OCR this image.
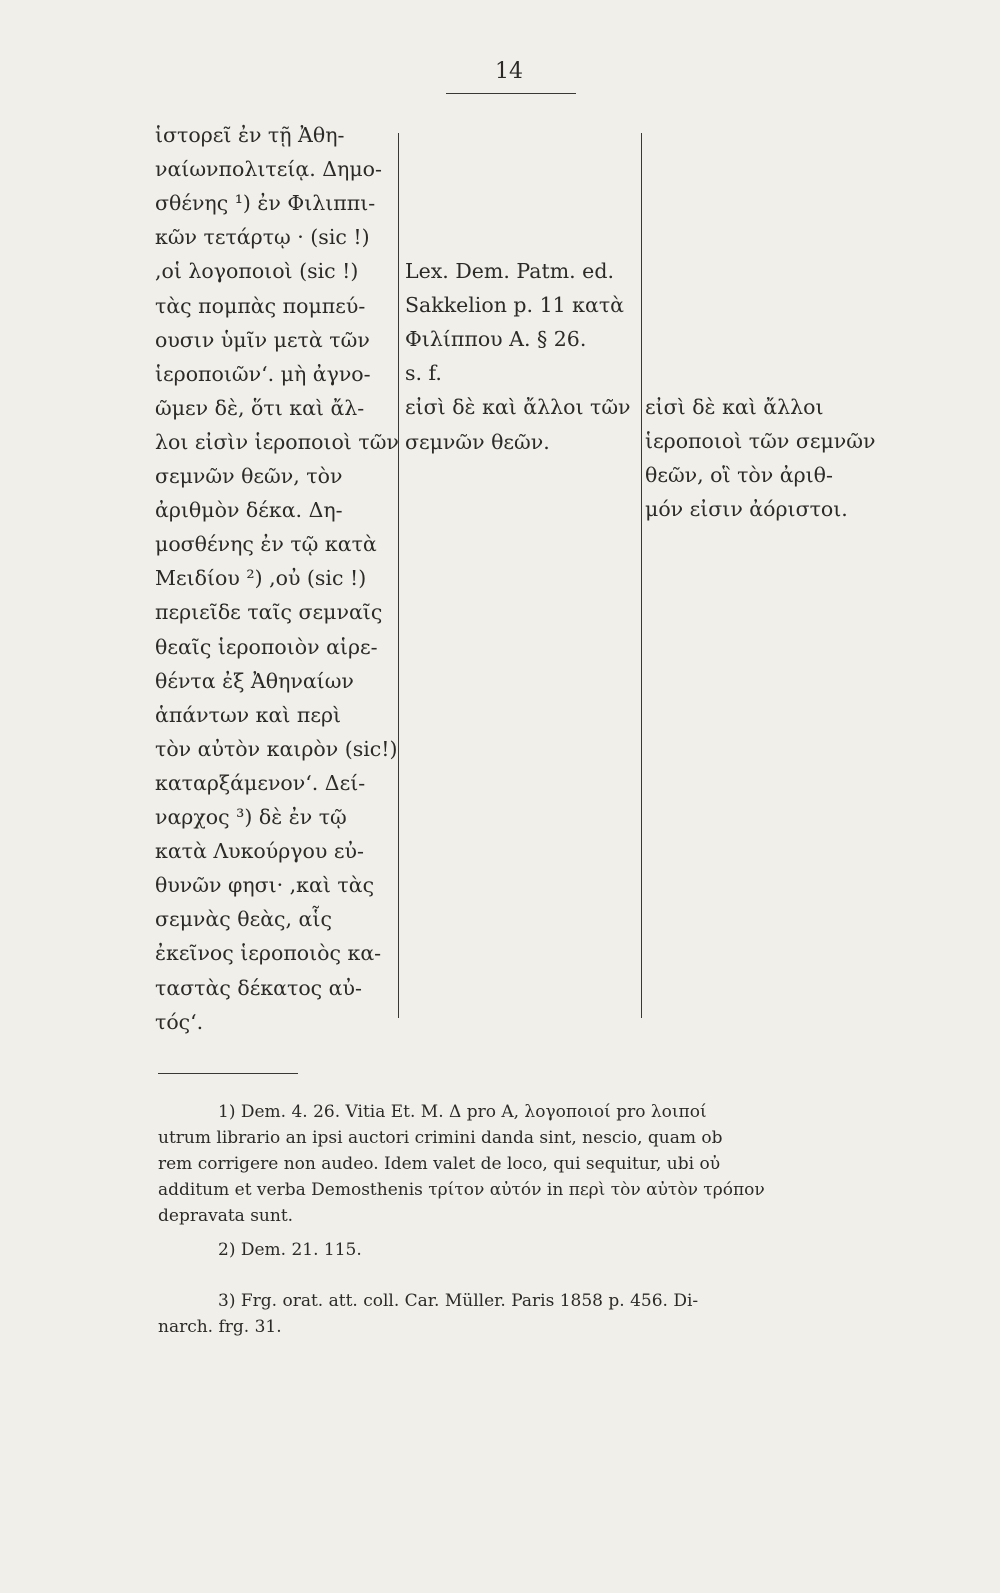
14
ἱστορεῖ ἐν τῇ Ἀθη-
ναίωνπολιτείᾳ. Δημο-
σθένης ¹) ἐν Φιλιππι-
κῶν τετάρτῳ · (sic !)
,οἱ λογοποιοὶ (sic !)
τὰς πομπὰς πομπεύ-
ουσιν ὑμῖν μετὰ τῶν
ἱεροποιῶν‘. μὴ ἀγνο-
ῶμεν δὲ, ὅτι καὶ ἄλ-
λοι εἰσὶν ἱεροποιοὶ τῶν
σεμνῶν θεῶν, τὸν
ἀριθμὸν δέκα. Δη-
μοσθένης ἐν τῷ κατὰ
Μειδίου ²) ,οὐ (sic !)
περιεῖδε ταῖς σεμναῖς
θεαῖς ἱεροποιὸν αἱρε-
θέντα ἐξ Ἀθηναίων
ἁπάντων καὶ περὶ
τὸν αὐτὸν καιρὸν (sic!)
καταρξάμενον‘. Δεί-
ναρχος ³) δὲ ἐν τῷ
κατὰ Λυκούργου εὐ-
θυνῶν φησι· ,καὶ τὰς
σεμνὰς θεὰς, αἷς
ἐκεῖνος ἱεροποιὸς κα-
ταστὰς δέκατος αὐ-
τός‘.
Lex. Dem. Patm. ed.
Sakkelion p. 11 κατὰ
Φιλίππου Α. § 26.
s. f.
εἰσὶ δὲ καὶ ἄλλοι τῶν
σεμνῶν θεῶν.
εἰσὶ δὲ καὶ ἄλλοι
ἱεροποιοὶ τῶν σεμνῶν
θεῶν, οἳ τὸν ἀριθ-
μόν εἰσιν ἀόριστοι.
1) Dem. 4. 26. Vitia Et. M. Δ pro Α, λογοποιοί pro λοιποί
utrum librario an ipsi auctori crimini danda sint, nescio, quam ob
rem corrigere non audeo. Idem valet de loco, qui sequitur, ubi οὐ
additum et verba Demosthenis τρίτον αὐτόν in περὶ τὸν αὐτὸν τρόπον
depravata sunt.
2) Dem. 21. 115.
3) Frg. orat. att. coll. Car. Müller. Paris 1858 p. 456. Di-
narch. frg. 31.
